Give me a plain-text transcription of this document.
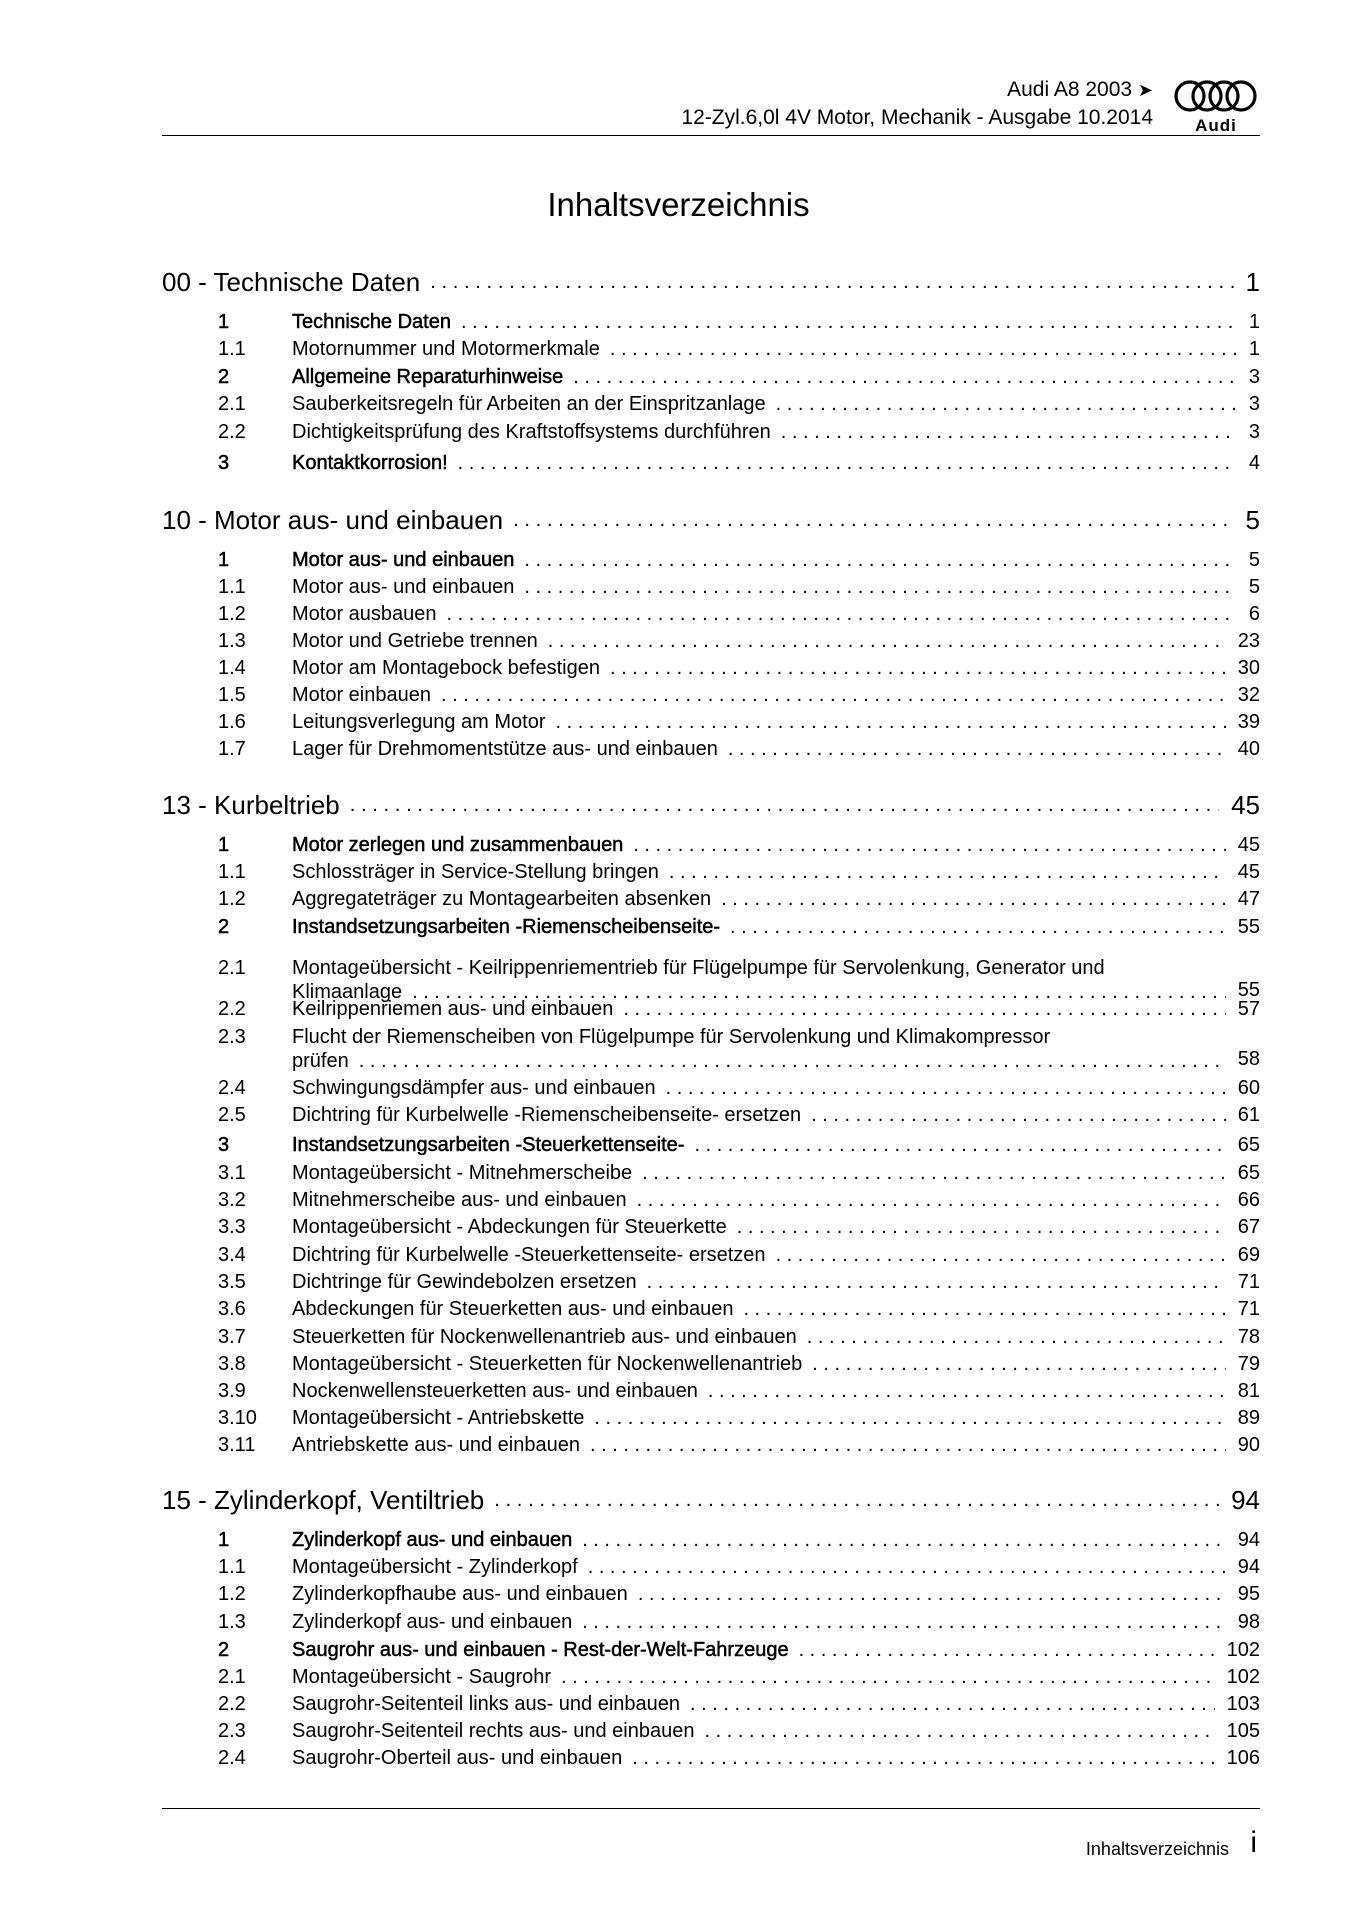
Audi A8 2003 ➤
12-Zyl.6,0l 4V Motor, Mechanik - Ausgabe 10.2014	Audi
Inhaltsverzeichnis
00 - Technische Daten . . .	1
1	Technische Daten . . .	1
1.1 Motornummer und Motormerkmale . . .	1
2	Allgemeine Reparaturhinweise . . .	3
2.1 Sauberkeitsregeln für Arbeiten an der Einspritzanlage . . .	3
2.2 Dichtigkeitsprüfung des Kraftstoffsystems durchführen . . .	3
3	Kontaktkorrosion! . . .	4
10 - Motor aus- und einbauen . . .	5
1	Motor aus- und einbauen . . .	5
1.1 Motor aus- und einbauen . . .	5
1.2 Motor ausbauen . . .	6
1.3 Motor und Getriebe trennen . . .	23
1.4 Motor am Montagebock befestigen . . .	30
1.5 Motor einbauen . . .	32
1.6 Leitungsverlegung am Motor . . .	39
1.7 Lager für Drehmomentstütze aus- und einbauen . . .	40
13 - Kurbeltrieb . . .	45
1	Motor zerlegen und zusammenbauen . . .	45
1.1 Schlossträger in Service-Stellung bringen . . .	45
1.2 Aggregateträger zu Montagearbeiten absenken . . .	47
2	Instandsetzungsarbeiten -Riemenscheibenseite- . . .	55
2.1 Montageübersicht - Keilrippenriementrieb für Flügelpumpe für Servolenkung, Generator und
Klimaanlage . . .	55
2.2 Keilrippenriemen aus- und einbauen . . .	57
2.3 Flucht der Riemenscheiben von Flügelpumpe für Servolenkung und Klimakompressor
prüfen . . .	58
2.4 Schwingungsdämpfer aus- und einbauen . . .	60
2.5 Dichtring für Kurbelwelle -Riemenscheibenseite- ersetzen . . .	61
3	Instandsetzungsarbeiten -Steuerkettenseite- . . .	65
3.1 Montageübersicht - Mitnehmerscheibe . . .	65
3.2 Mitnehmerscheibe aus- und einbauen . . .	66
3.3 Montageübersicht - Abdeckungen für Steuerkette . . .	67
3.4 Dichtring für Kurbelwelle -Steuerkettenseite- ersetzen . . .	69
3.5 Dichtringe für Gewindebolzen ersetzen . . .	71
3.6 Abdeckungen für Steuerketten aus- und einbauen . . .	71
3.7 Steuerketten für Nockenwellenantrieb aus- und einbauen . . .	78
3.8 Montageübersicht - Steuerketten für Nockenwellenantrieb . . .	79
3.9 Nockenwellensteuerketten aus- und einbauen . . .	81
3.10 Montageübersicht - Antriebskette . . .	89
3.11 Antriebskette aus- und einbauen . . .	90
15 - Zylinderkopf, Ventiltrieb . . .	94
1	Zylinderkopf aus- und einbauen . . .	94
1.1 Montageübersicht - Zylinderkopf . . .	94
1.2 Zylinderkopfhaube aus- und einbauen . . .	95
1.3 Zylinderkopf aus- und einbauen . . .	98
2	Saugrohr aus- und einbauen - Rest-der-Welt-Fahrzeuge . . .	102
2.1 Montageübersicht - Saugrohr . . .	102
2.2 Saugrohr-Seitenteil links aus- und einbauen . . .	103
2.3 Saugrohr-Seitenteil rechts aus- und einbauen . . .	105
2.4 Saugrohr-Oberteil aus- und einbauen . . .	106
Inhaltsverzeichnis i
